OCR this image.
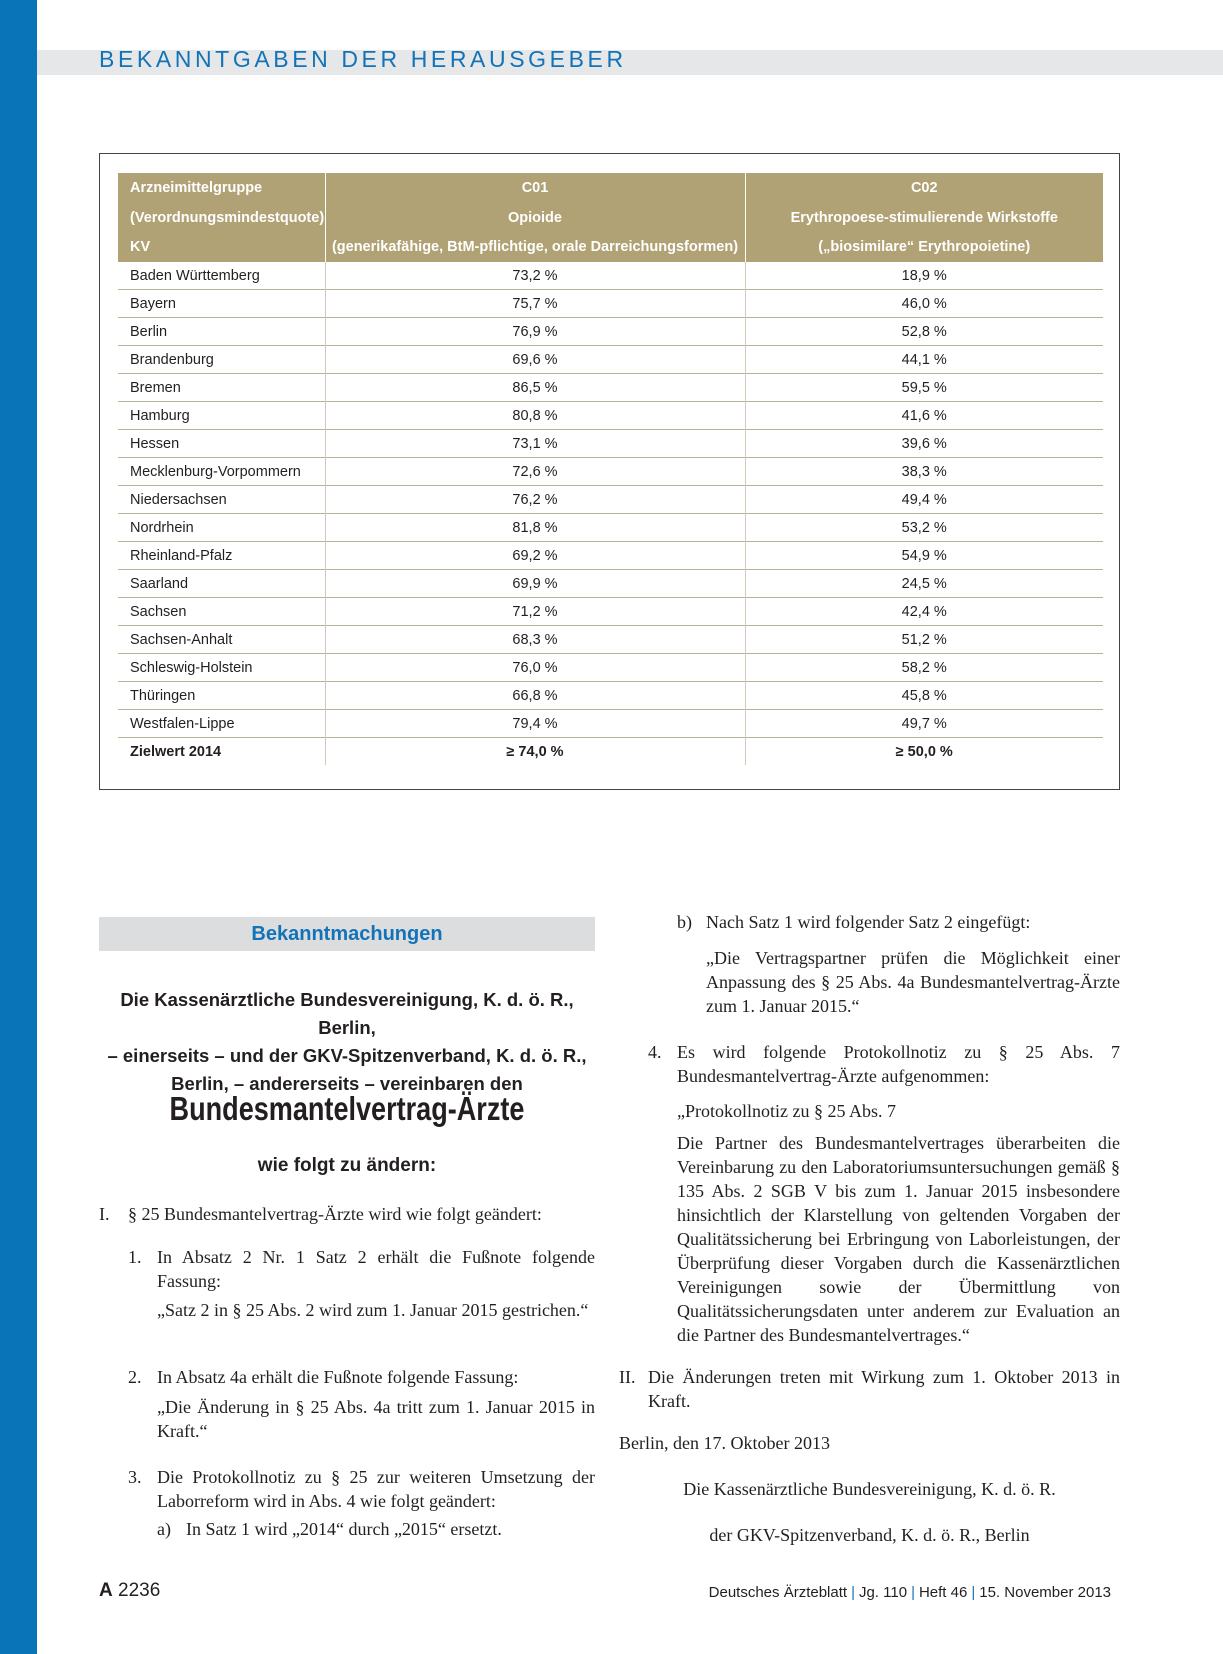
BEKANNTGABEN DER HERAUSGEBER
Arzneimittelgruppe	C01	C02
(Verordnungsmindestquote)	Opioide	Erythropoese-stimulierende Wirkstoffe
KV	(generikafähige, BtM-pflichtige, orale Darreichungsformen)	(„biosimilare“ Erythropoietine)
Baden Württemberg	73,2 %	18,9 %
Bayern	75,7 %	46,0 %
Berlin	76,9 %	52,8 %
Brandenburg	69,6 %	44,1 %
Bremen	86,5 %	59,5 %
Hamburg	80,8 %	41,6 %
Hessen	73,1 %	39,6 %
Mecklenburg-Vorpommern	72,6 %	38,3 %
Niedersachsen	76,2 %	49,4 %
Nordrhein	81,8 %	53,2 %
Rheinland-Pfalz	69,2 %	54,9 %
Saarland	69,9 %	24,5 %
Sachsen	71,2 %	42,4 %
Sachsen-Anhalt	68,3 %	51,2 %
Schleswig-Holstein	76,0 %	58,2 %
Thüringen	66,8 %	45,8 %
Westfalen-Lippe	79,4 %	49,7 %
Zielwert 2014	≥ 74,0 %	≥ 50,0 %
Bekanntmachungen

Die Kassenärztliche Bundesvereinigung, K. d. ö. R., Berlin,
– einerseits – und der GKV-Spitzenverband, K. d. ö. R.,
Berlin, – andererseits – vereinbaren den

Bundesmantelvertrag-Ärzte

wie folgt zu ändern:

I. § 25 Bundesmantelvertrag-Ärzte wird wie folgt geändert:

1. In Absatz 2 Nr. 1 Satz 2 erhält die Fußnote folgende Fassung:

„Satz 2 in § 25 Abs. 2 wird zum 1. Januar 2015 gestrichen.“

2. In Absatz 4a erhält die Fußnote folgende Fassung:

„Die Änderung in § 25 Abs. 4a tritt zum 1. Januar 2015 in Kraft.“

3. Die Protokollnotiz zu § 25 zur weiteren Umsetzung der Laborreform wird in Abs. 4 wie folgt geändert:

a) In Satz 1 wird „2014“ durch „2015“ ersetzt.

b) Nach Satz 1 wird folgender Satz 2 eingefügt:

„Die Vertragspartner prüfen die Möglichkeit einer Anpassung des § 25 Abs. 4a Bundesmantelvertrag-Ärzte zum 1. Januar 2015.“

4. Es wird folgende Protokollnotiz zu § 25 Abs. 7 Bundesmantelvertrag-Ärzte aufgenommen:

„Protokollnotiz zu § 25 Abs. 7

Die Partner des Bundesmantelvertrages überarbeiten die Vereinbarung zu den Laboratoriumsuntersuchungen gemäß § 135 Abs. 2 SGB V bis zum 1. Januar 2015 insbesondere hinsichtlich der Klarstellung von geltenden Vorgaben der Qualitätssicherung bei Erbringung von Laborleistungen, der Überprüfung dieser Vorgaben durch die Kassenärztlichen Vereinigungen sowie der Übermittlung von Qualitätssicherungsdaten unter anderem zur Evaluation an die Partner des Bundesmantelvertrages.“

II. Die Änderungen treten mit Wirkung zum 1. Oktober 2013 in Kraft.

Berlin, den 17. Oktober 2013

Die Kassenärztliche Bundesvereinigung, K. d. ö. R.

der GKV-Spitzenverband, K. d. ö. R., Berlin

A 2236	Deutsches Ärzteblatt | Jg. 110 | Heft 46 | 15. November 2013
